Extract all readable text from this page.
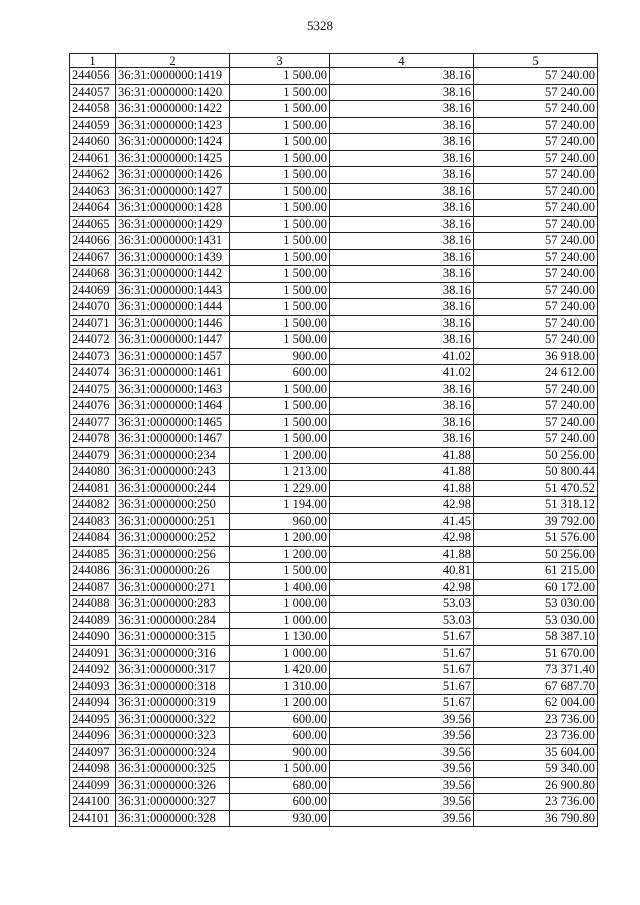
5328
1	2	3	4	5
244056	36:31:0000000:1419	1 500.00	38.16	57 240.00
244057	36:31:0000000:1420	1 500.00	38.16	57 240.00
244058	36:31:0000000:1422	1 500.00	38.16	57 240.00
244059	36:31:0000000:1423	1 500.00	38.16	57 240.00
244060	36:31:0000000:1424	1 500.00	38.16	57 240.00
244061	36:31:0000000:1425	1 500.00	38.16	57 240.00
244062	36:31:0000000:1426	1 500.00	38.16	57 240.00
244063	36:31:0000000:1427	1 500.00	38.16	57 240.00
244064	36:31:0000000:1428	1 500.00	38.16	57 240.00
244065	36:31:0000000:1429	1 500.00	38.16	57 240.00
244066	36:31:0000000:1431	1 500.00	38.16	57 240.00
244067	36:31:0000000:1439	1 500.00	38.16	57 240.00
244068	36:31:0000000:1442	1 500.00	38.16	57 240.00
244069	36:31:0000000:1443	1 500.00	38.16	57 240.00
244070	36:31:0000000:1444	1 500.00	38.16	57 240.00
244071	36:31:0000000:1446	1 500.00	38.16	57 240.00
244072	36:31:0000000:1447	1 500.00	38.16	57 240.00
244073	36:31:0000000:1457	900.00	41.02	36 918.00
244074	36:31:0000000:1461	600.00	41.02	24 612.00
244075	36:31:0000000:1463	1 500.00	38.16	57 240.00
244076	36:31:0000000:1464	1 500.00	38.16	57 240.00
244077	36:31:0000000:1465	1 500.00	38.16	57 240.00
244078	36:31:0000000:1467	1 500.00	38.16	57 240.00
244079	36:31:0000000:234	1 200.00	41.88	50 256.00
244080	36:31:0000000:243	1 213.00	41.88	50 800.44
244081	36:31:0000000:244	1 229.00	41.88	51 470.52
244082	36:31:0000000:250	1 194.00	42.98	51 318.12
244083	36:31:0000000:251	960.00	41.45	39 792.00
244084	36:31:0000000:252	1 200.00	42.98	51 576.00
244085	36:31:0000000:256	1 200.00	41.88	50 256.00
244086	36:31:0000000:26	1 500.00	40.81	61 215.00
244087	36:31:0000000:271	1 400.00	42.98	60 172.00
244088	36:31:0000000:283	1 000.00	53.03	53 030.00
244089	36:31:0000000:284	1 000.00	53.03	53 030.00
244090	36:31:0000000:315	1 130.00	51.67	58 387.10
244091	36:31:0000000:316	1 000.00	51.67	51 670.00
244092	36:31:0000000:317	1 420.00	51.67	73 371.40
244093	36:31:0000000:318	1 310.00	51.67	67 687.70
244094	36:31:0000000:319	1 200.00	51.67	62 004.00
244095	36:31:0000000:322	600.00	39.56	23 736.00
244096	36:31:0000000:323	600.00	39.56	23 736.00
244097	36:31:0000000:324	900.00	39.56	35 604.00
244098	36:31:0000000:325	1 500.00	39.56	59 340.00
244099	36:31:0000000:326	680.00	39.56	26 900.80
244100	36:31:0000000:327	600.00	39.56	23 736.00
244101	36:31:0000000:328	930.00	39.56	36 790.80
